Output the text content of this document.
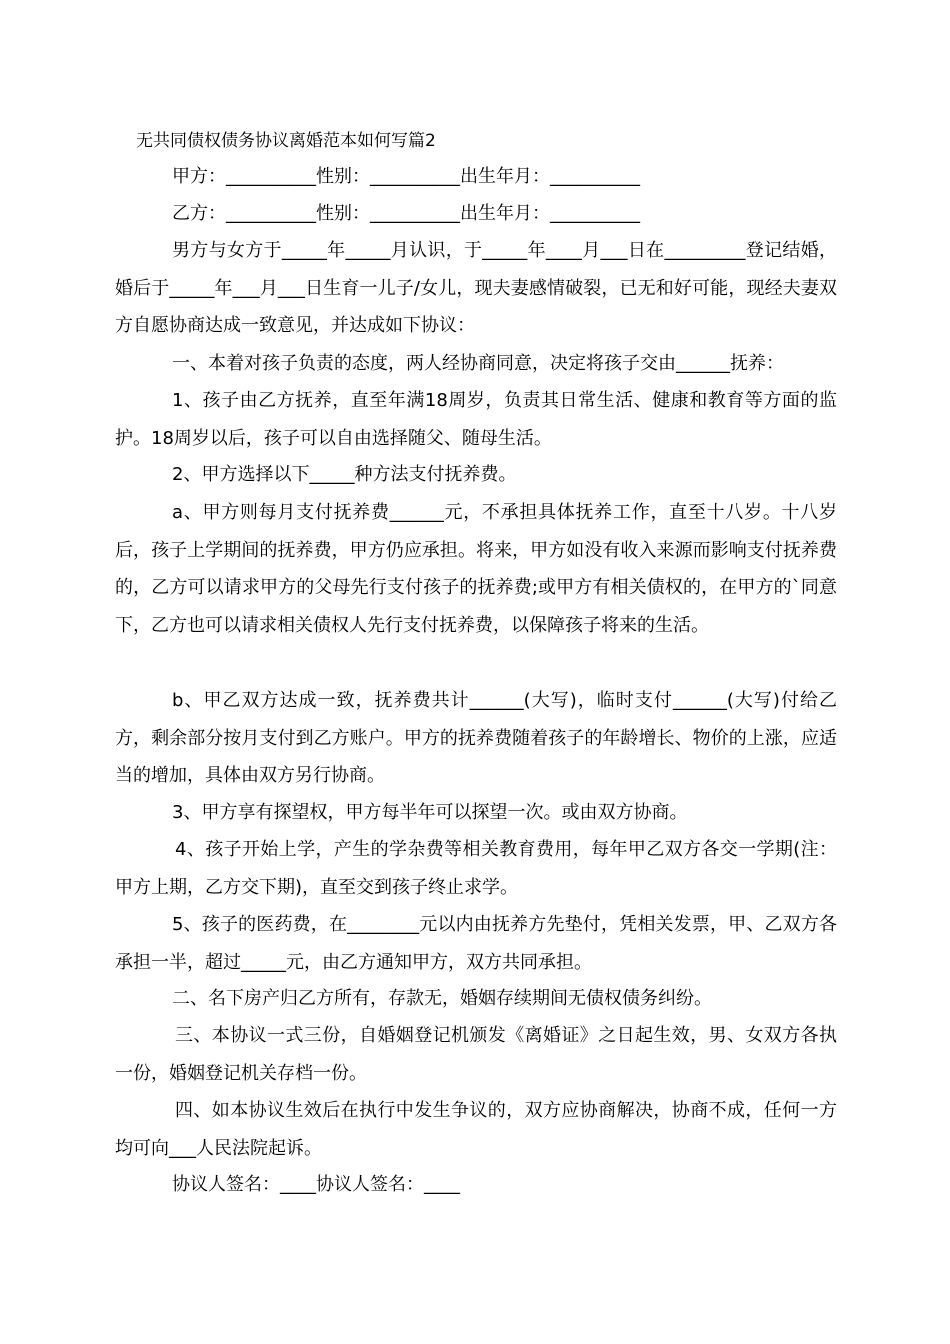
无共同债权债务协议离婚范本如何写篇2
甲方：__________性别：__________出生年月：__________
乙方：__________性别：__________出生年月：__________

男方与女方于_____年_____月认识，于_____年____月___日在_________登记结婚，婚后于_____年___月___日生育一儿子/女儿，现夫妻感情破裂，已无和好可能，现经夫妻双方自愿协商达成一致意见，并达成如下协议：

一、本着对孩子负责的态度，两人经协商同意，决定将孩子交由______抚养：

1、孩子由乙方抚养，直至年满18周岁，负责其日常生活、健康和教育等方面的监护。18周岁以后，孩子可以自由选择随父、随母生活。

2、甲方选择以下_____种方法支付抚养费。

a、甲方则每月支付抚养费______元，不承担具体抚养工作，直至十八岁。十八岁后，孩子上学期间的抚养费，甲方仍应承担。将来，甲方如没有收入来源而影响支付抚养费的，乙方可以请求甲方的父母先行支付孩子的抚养费;或甲方有相关债权的，在甲方的`同意下，乙方也可以请求相关债权人先行支付抚养费，以保障孩子将来的生活。

b、甲乙双方达成一致，抚养费共计______(大写)，临时支付______(大写)付给乙方，剩余部分按月支付到乙方账户。甲方的抚养费随着孩子的年龄增长、物价的上涨，应适当的增加，具体由双方另行协商。

3、甲方享有探望权，甲方每半年可以探望一次。或由双方协商。

4、孩子开始上学，产生的学杂费等相关教育费用，每年甲乙双方各交一学期(注：甲方上期，乙方交下期)，直至交到孩子终止求学。

5、孩子的医药费，在________元以内由抚养方先垫付，凭相关发票，甲、乙双方各承担一半，超过_____元，由乙方通知甲方，双方共同承担。

二、名下房产归乙方所有，存款无，婚姻存续期间无债权债务纠纷。

三、本协议一式三份，自婚姻登记机颁发《离婚证》之日起生效，男、女双方各执一份，婚姻登记机关存档一份。

四、如本协议生效后在执行中发生争议的，双方应协商解决，协商不成，任何一方均可向___人民法院起诉。

协议人签名：____协议人签名：____
